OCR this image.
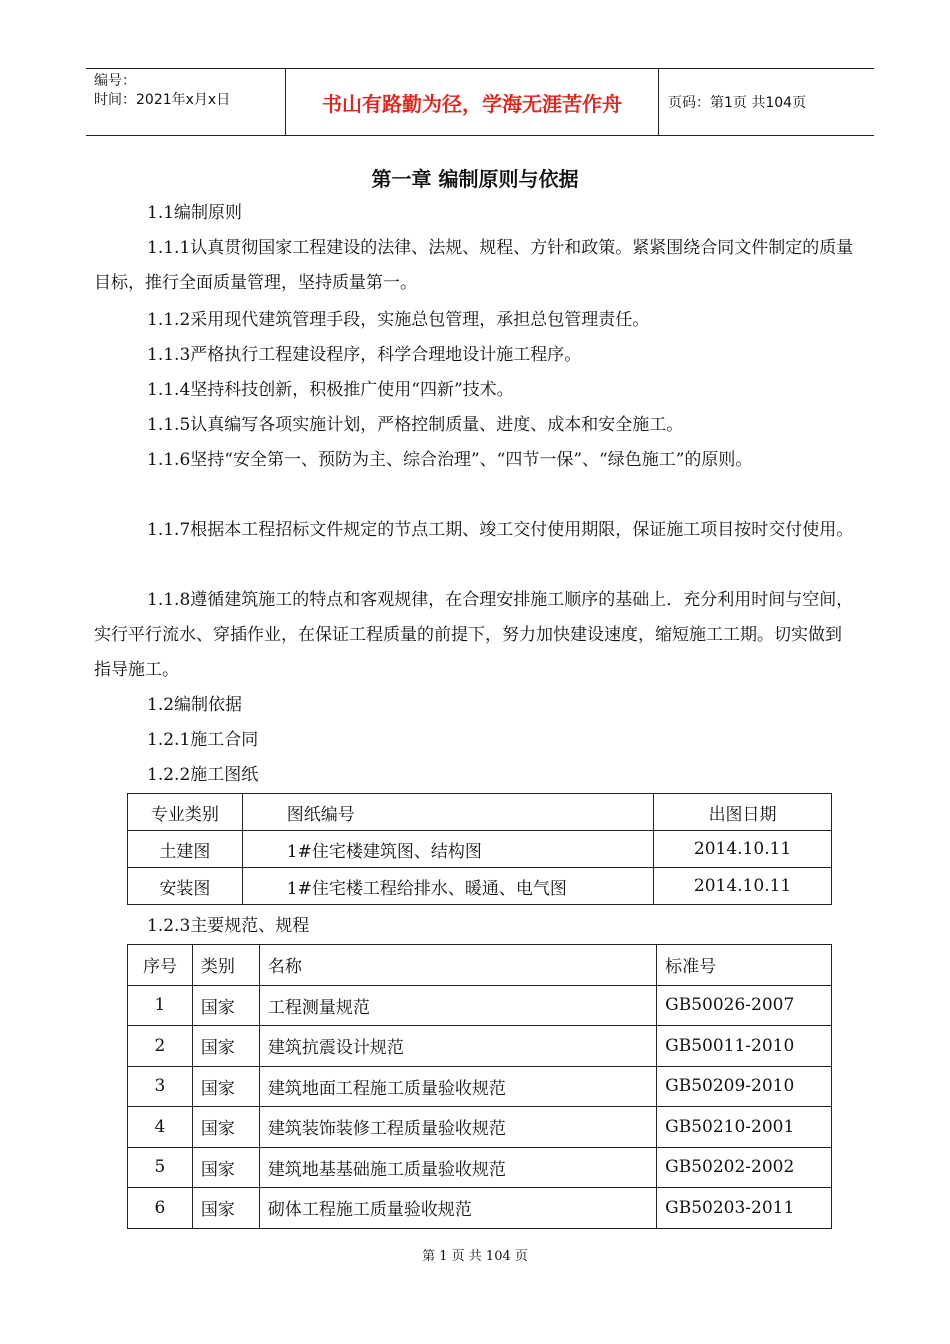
编号：
时间：2021年x月x日	书山有路勤为径，学海无涯苦作舟	页码：第1页 共104页
第一章 编制原则与依据

1.1编制原则

1.1.1认真贯彻国家工程建设的法律、法规、规程、方针和政策。紧紧围绕合同文件制定的质量目标，推行全面质量管理，坚持质量第一。

1.1.2采用现代建筑管理手段，实施总包管理，承担总包管理责任。

1.1.3严格执行工程建设程序，科学合理地设计施工程序。

1.1.4坚持科技创新，积极推广使用“四新”技术。

1.1.5认真编写各项实施计划，严格控制质量、进度、成本和安全施工。

1.1.6坚持“安全第一、预防为主、综合治理”、“四节一保”、“绿色施工”的原则。

1.1.7根据本工程招标文件规定的节点工期、竣工交付使用期限，保证施工项目按时交付使用。

1.1.8遵循建筑施工的特点和客观规律，在合理安排施工顺序的基础上．充分利用时间与空间，实行平行流水、穿插作业，在保证工程质量的前提下，努力加快建设速度，缩短施工工期。切实做到指导施工。

1.2编制依据

1.2.1施工合同

1.2.2施工图纸

专业类别	图纸编号	出图日期
土建图	1#住宅楼建筑图、结构图	2014.10.11
安装图	1#住宅楼工程给排水、暖通、电气图	2014.10.11

1.2.3主要规范、规程

序号	类别	名称	标准号
1	国家	工程测量规范	GB50026-2007
2	国家	建筑抗震设计规范	GB50011-2010
3	国家	建筑地面工程施工质量验收规范	GB50209-2010
4	国家	建筑装饰装修工程质量验收规范	GB50210-2001
5	国家	建筑地基基础施工质量验收规范	GB50202-2002
6	国家	砌体工程施工质量验收规范	GB50203-2011
第 1 页 共 104 页
